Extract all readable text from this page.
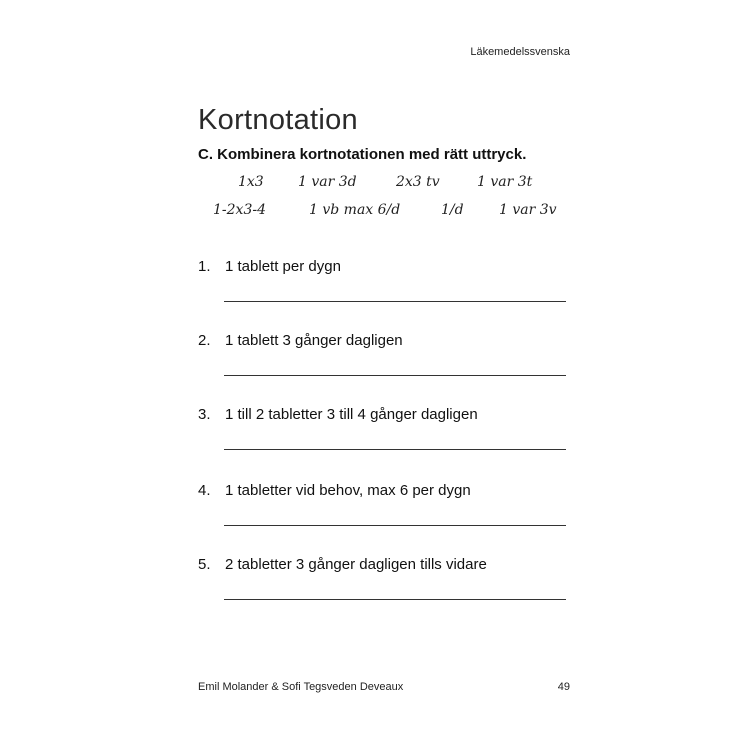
Läkemedelssvenska
Kortnotation
C. Kombinera kortnotationen med rätt uttryck.
1x3 1 var 3d	2x3 tv	1 var 3t
1-2x3-4	1 vb max 6/d	1/d	1 var 3v
1. 1 tablett per dygn
2. 1 tablett 3 gånger dagligen
3. 1 till 2 tabletter 3 till 4 gånger dagligen
4. 1 tabletter vid behov, max 6 per dygn
5. 2 tabletter 3 gånger dagligen tills vidare
Emil Molander & Sofi Tegsveden Deveaux	49
